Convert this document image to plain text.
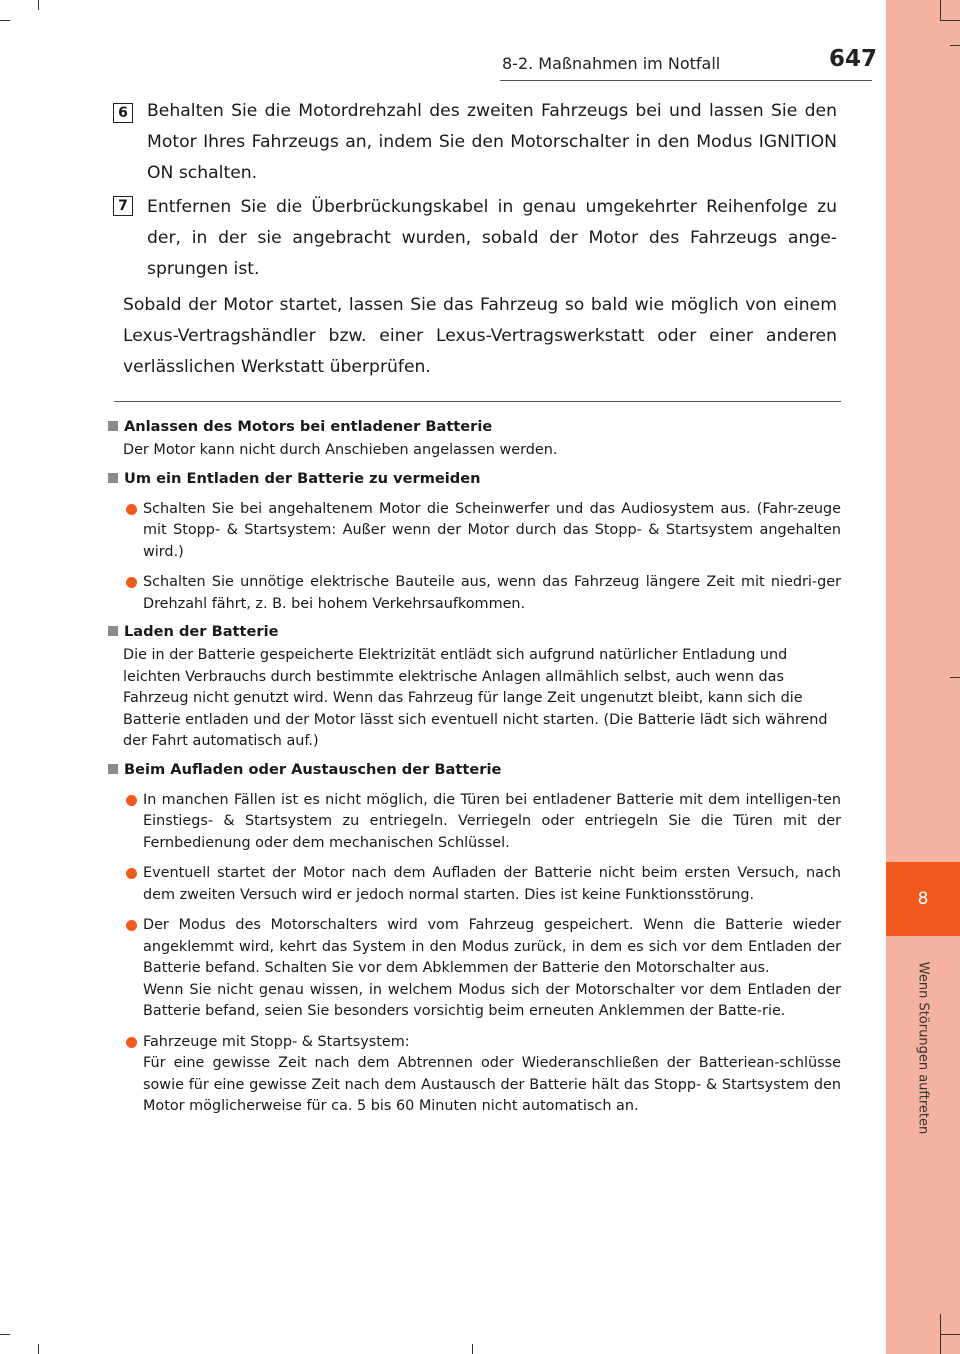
8
Wenn Störungen auftreten
8-2. Maßnahmen im Notfall	647
6 Behalten Sie die Motordrehzahl des zweiten Fahrzeugs bei und lassen Sie den Motor Ihres Fahrzeugs an, indem Sie den Motorschalter in den Modus IGNITION ON schalten.
7 Entfernen Sie die Überbrückungskabel in genau umgekehrter Reihenfolge zu der, in der sie angebracht wurden, sobald der Motor des Fahrzeugs ange-sprungen ist.
Sobald der Motor startet, lassen Sie das Fahrzeug so bald wie möglich von einem Lexus-Vertragshändler bzw. einer Lexus-Vertragswerkstatt oder einer anderen verlässlichen Werkstatt überprüfen.
Anlassen des Motors bei entladener Batterie
Der Motor kann nicht durch Anschieben angelassen werden.
Um ein Entladen der Batterie zu vermeiden
Schalten Sie bei angehaltenem Motor die Scheinwerfer und das Audiosystem aus. (Fahr-zeuge mit Stopp- & Startsystem: Außer wenn der Motor durch das Stopp- & Startsystem angehalten wird.)
Schalten Sie unnötige elektrische Bauteile aus, wenn das Fahrzeug längere Zeit mit niedri-ger Drehzahl fährt, z. B. bei hohem Verkehrsaufkommen.
Laden der Batterie
Die in der Batterie gespeicherte Elektrizität entlädt sich aufgrund natürlicher Entladung und leichten Verbrauchs durch bestimmte elektrische Anlagen allmählich selbst, auch wenn das Fahrzeug nicht genutzt wird. Wenn das Fahrzeug für lange Zeit ungenutzt bleibt, kann sich die Batterie entladen und der Motor lässt sich eventuell nicht starten. (Die Batterie lädt sich während der Fahrt automatisch auf.)
Beim Aufladen oder Austauschen der Batterie
In manchen Fällen ist es nicht möglich, die Türen bei entladener Batterie mit dem intelligen-ten Einstiegs- & Startsystem zu entriegeln. Verriegeln oder entriegeln Sie die Türen mit der Fernbedienung oder dem mechanischen Schlüssel.
Eventuell startet der Motor nach dem Aufladen der Batterie nicht beim ersten Versuch, nach dem zweiten Versuch wird er jedoch normal starten. Dies ist keine Funktionsstörung.
Der Modus des Motorschalters wird vom Fahrzeug gespeichert. Wenn die Batterie wieder angeklemmt wird, kehrt das System in den Modus zurück, in dem es sich vor dem Entladen der Batterie befand. Schalten Sie vor dem Abklemmen der Batterie den Motorschalter aus.
Wenn Sie nicht genau wissen, in welchem Modus sich der Motorschalter vor dem Entladen der Batterie befand, seien Sie besonders vorsichtig beim erneuten Anklemmen der Batte-rie.
Fahrzeuge mit Stopp- & Startsystem:
Für eine gewisse Zeit nach dem Abtrennen oder Wiederanschließen der Batteriean-schlüsse sowie für eine gewisse Zeit nach dem Austausch der Batterie hält das Stopp- & Startsystem den Motor möglicherweise für ca. 5 bis 60 Minuten nicht automatisch an.
